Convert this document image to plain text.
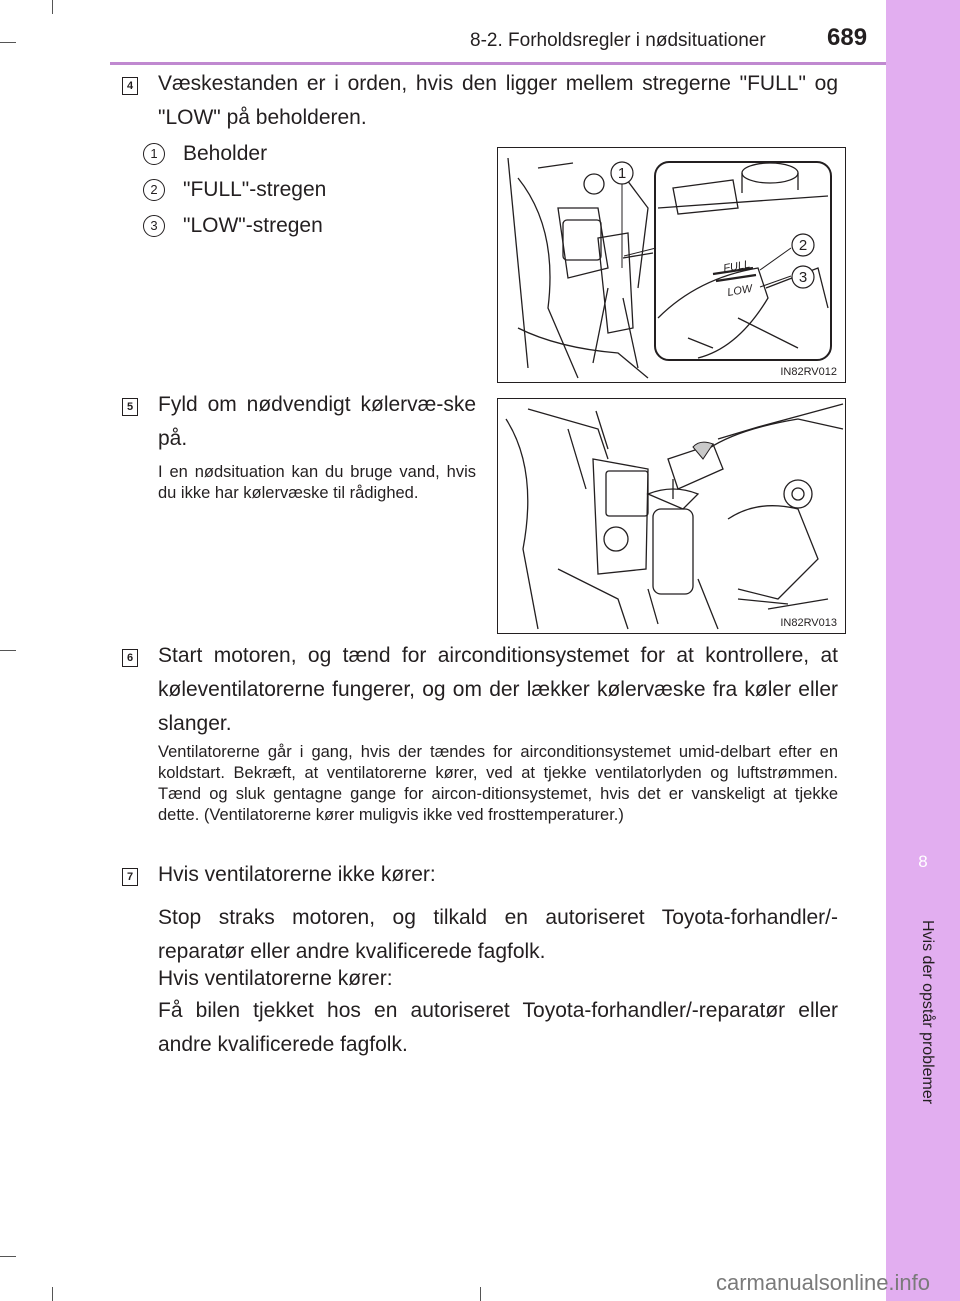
8
Hvis der opstår problemer
8-2. Forholdsregler i nødsituationer	689
4 Væskestanden er i orden, hvis den ligger mellem stregerne "FULL" og "LOW" på beholderen.
1	Beholder
2	"FULL"-stregen
3	"LOW"-stregen
FULL
LOW
1
2
3
IN82RV012
5 Fyld om nødvendigt kølervæ-ske på.
I en nødsituation kan du bruge vand, hvis du ikke har kølervæske til rådighed.
IN82RV013
6 Start motoren, og tænd for airconditionsystemet for at kontrollere, at køleventilatorerne fungerer, og om der lækker kølervæske fra køler eller slanger.
Ventilatorerne går i gang, hvis der tændes for airconditionsystemet umid-delbart efter en koldstart. Bekræft, at ventilatorerne kører, ved at tjekke ventilatorlyden og luftstrømmen. Tænd og sluk gentagne gange for aircon-ditionsystemet, hvis det er vanskeligt at tjekke dette. (Ventilatorerne kører muligvis ikke ved frosttemperaturer.)
7 Hvis ventilatorerne ikke kører:
Stop straks motoren, og tilkald en autoriseret Toyota-forhandler/-reparatør eller andre kvalificerede fagfolk.
Hvis ventilatorerne kører:
Få bilen tjekket hos en autoriseret Toyota-forhandler/-reparatør eller andre kvalificerede fagfolk.
carmanualsonline.info
